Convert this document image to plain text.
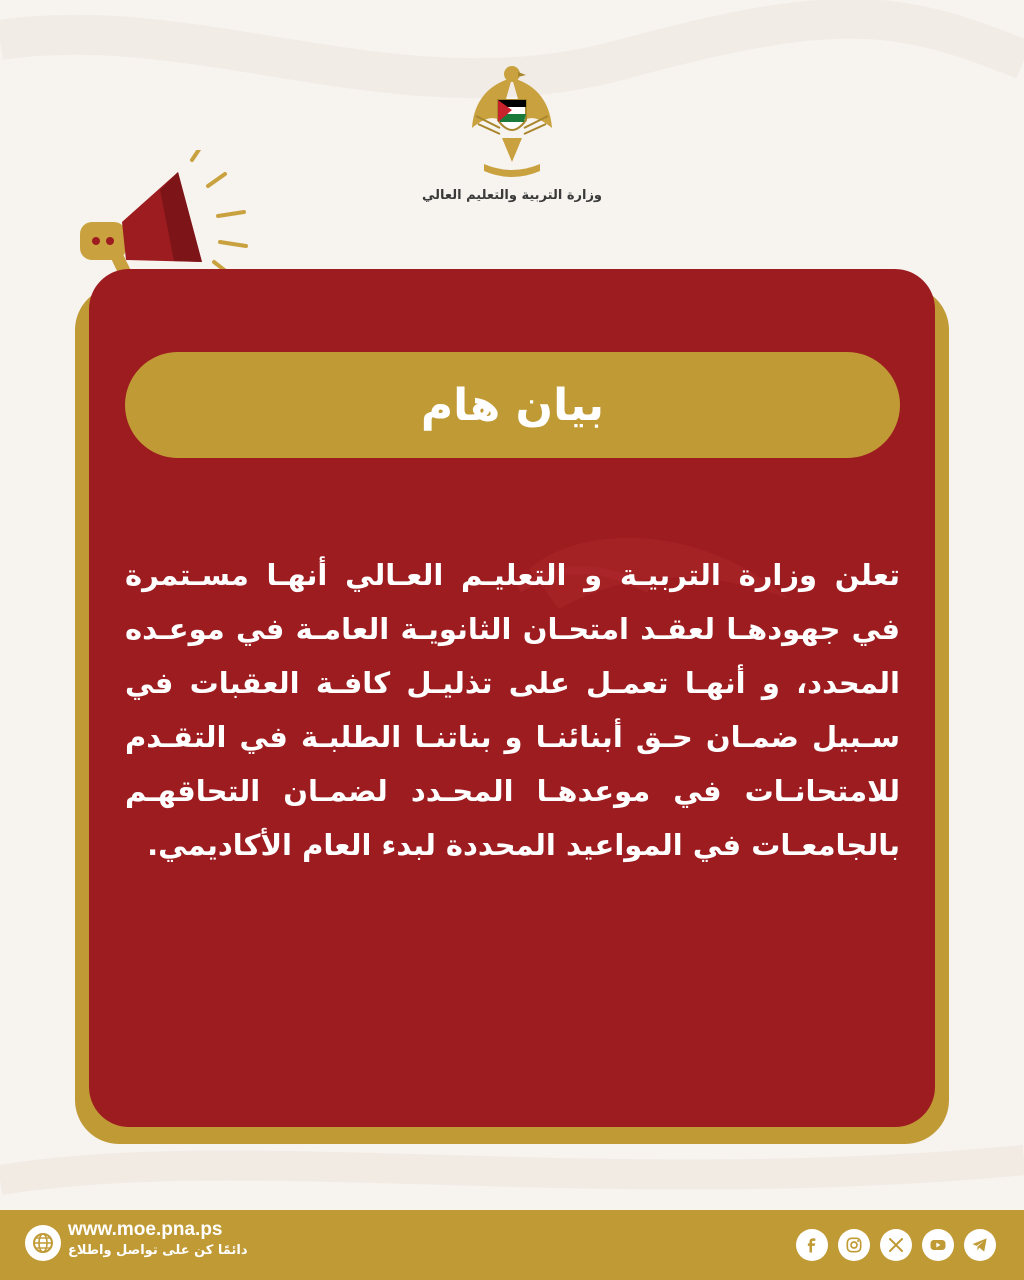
وزارة التربية والتعليم العالي
بيان هام
تعلن وزارة التربيـة و التعليـم العـالي أنهـا مسـتمرة في جهودهـا لعقـد امتحـان الثانويـة العامـة في موعـده المحدد، و أنهـا تعمـل على تذليـل كافـة العقبات في سـبيل ضمـان حـق أبنائنـا و بناتنـا الطلبـة في التقـدم للامتحانـات في موعدهـا المحـدد لضمـان التحاقهـم بالجامعـات في المواعيد المحددة لبدء العام الأكاديمي.
www.moe.pna.ps
دائمًا كن على تواصل واطلاع
